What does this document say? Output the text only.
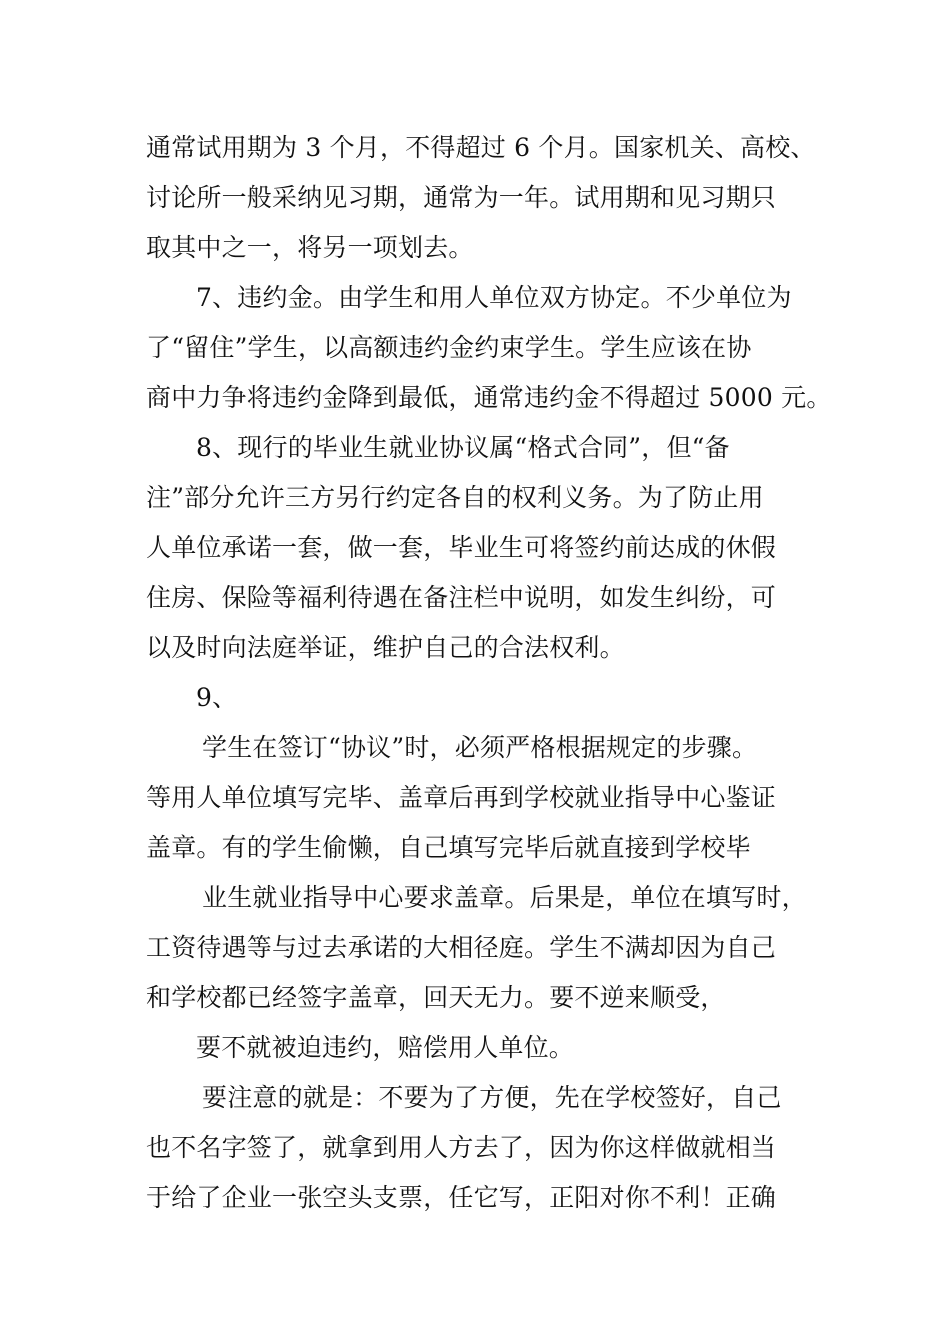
通常试用期为 3 个月，不得超过 6 个月。国家机关、高校、
讨论所一般采纳见习期，通常为一年。试用期和见习期只
取其中之一，将另一项划去。
7、违约金。由学生和用人单位双方协定。不少单位为
了“留住”学生，以高额违约金约束学生。学生应该在协
商中力争将违约金降到最低，通常违约金不得超过 5000 元。
8、现行的毕业生就业协议属“格式合同”，但“备
注”部分允许三方另行约定各自的权利义务。为了防止用
人单位承诺一套，做一套，毕业生可将签约前达成的休假
住房、保险等福利待遇在备注栏中说明，如发生纠纷，可
以及时向法庭举证，维护自己的合法权利。
9、
学生在签订“协议”时，必须严格根据规定的步骤。
等用人单位填写完毕、盖章后再到学校就业指导中心鉴证
盖章。有的学生偷懒，自己填写完毕后就直接到学校毕
业生就业指导中心要求盖章。后果是，单位在填写时，
工资待遇等与过去承诺的大相径庭。学生不满却因为自己
和学校都已经签字盖章，回天无力。要不逆来顺受，
要不就被迫违约，赔偿用人单位。
要注意的就是：不要为了方便，先在学校签好，自己
也不名字签了，就拿到用人方去了，因为你这样做就相当
于给了企业一张空头支票，任它写，正阳对你不利！正确
